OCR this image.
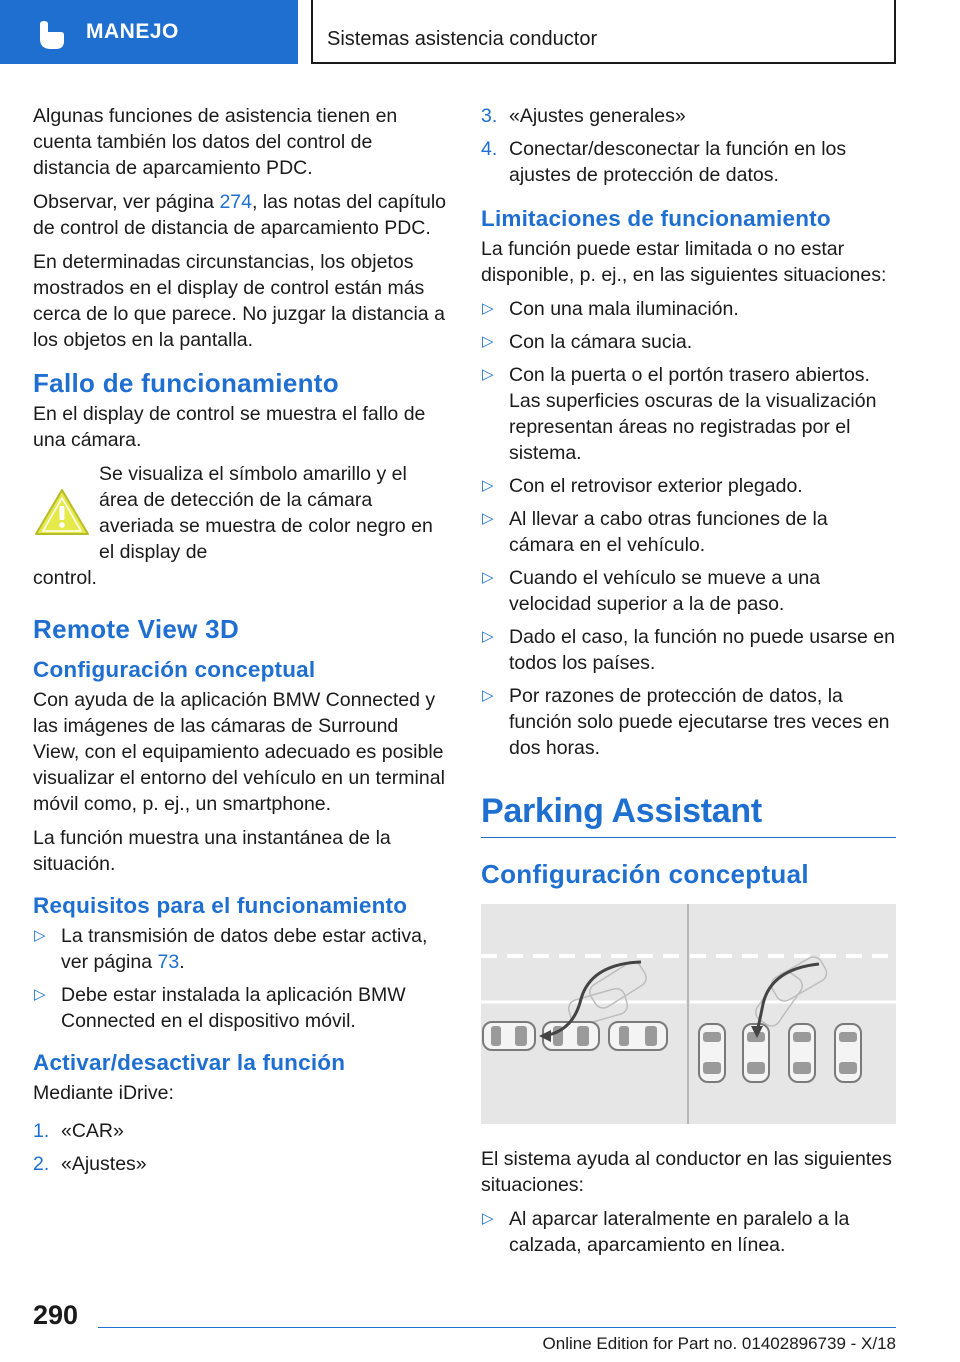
MANEJO	Sistemas asistencia conductor

Algunas funciones de asistencia tienen en cuenta también los datos del control de distancia de aparcamiento PDC.

Observar, ver página 274, las notas del capítulo de control de distancia de aparcamiento PDC.

En determinadas circunstancias, los objetos mostrados en el display de control están más cerca de lo que parece. No juzgar la distancia a los objetos en la pantalla.

Fallo de funcionamiento

En el display de control se muestra el fallo de una cámara.

Se visualiza el símbolo amarillo y el área de detección de la cámara averiada se muestra de color negro en el display de
control.
Remote View 3D
Configuración conceptual

Con ayuda de la aplicación BMW Connected y las imágenes de las cámaras de Surround View, con el equipamiento adecuado es posible visualizar el entorno del vehículo en un terminal móvil como, p. ej., un smartphone.

La función muestra una instantánea de la situación.

Requisitos para el funcionamiento
▷ La transmisión de datos debe estar activa, ver página 73.
▷ Debe estar instalada la aplicación BMW Connected en el dispositivo móvil.
Activar/desactivar la función

Mediante iDrive:

1. «CAR»
2. «Ajustes»
3. «Ajustes generales»
4. Conectar/desconectar la función en los ajustes de protección de datos.
Limitaciones de funcionamiento

La función puede estar limitada o no estar disponible, p. ej., en las siguientes situaciones:

▷ Con una mala iluminación.
▷ Con la cámara sucia.
▷ Con la puerta o el portón trasero abiertos. Las superficies oscuras de la visualización representan áreas no registradas por el sistema.
▷ Con el retrovisor exterior plegado.
▷ Al llevar a cabo otras funciones de la cámara en el vehículo.
▷ Cuando el vehículo se mueve a una velocidad superior a la de paso.
▷ Dado el caso, la función no puede usarse en todos los países.
▷ Por razones de protección de datos, la función solo puede ejecutarse tres veces en dos horas.
Parking Assistant
Configuración conceptual

El sistema ayuda al conductor en las siguientes situaciones:

▷ Al aparcar lateralmente en paralelo a la calzada, aparcamiento en línea.
290
Online Edition for Part no. 01402896739 - X/18
